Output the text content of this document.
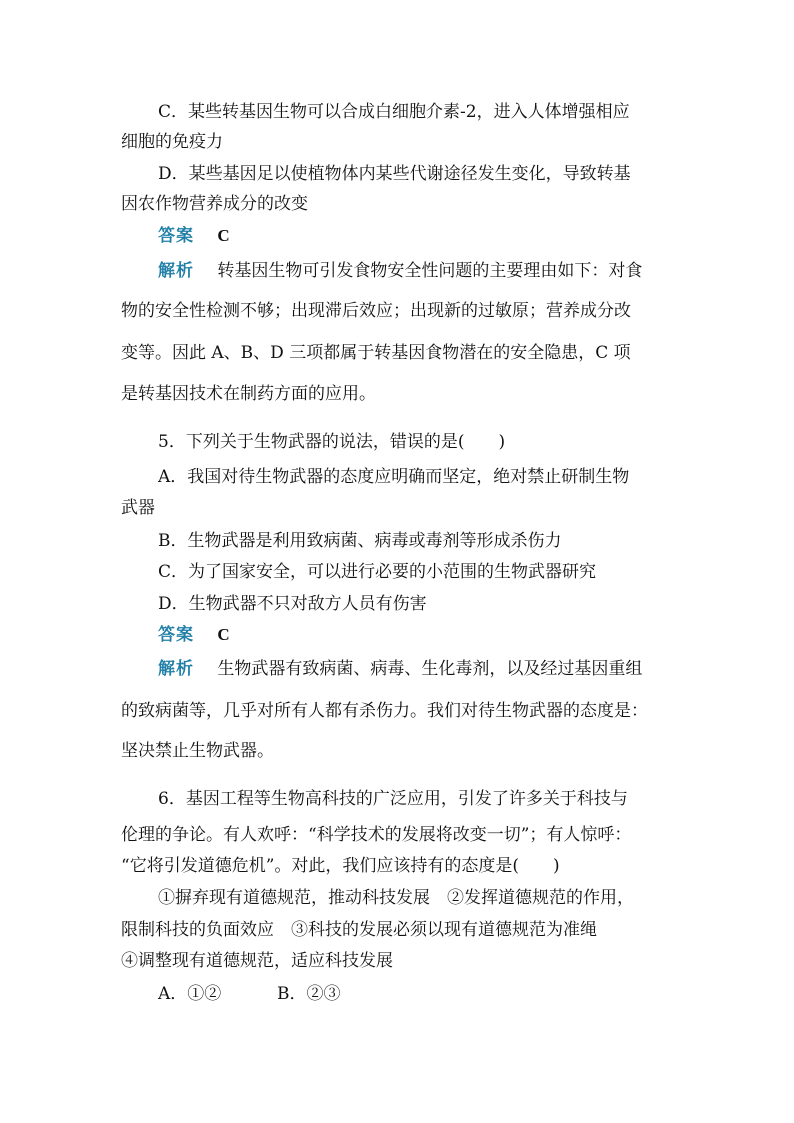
C．某些转基因生物可以合成白细胞介素-2，进入人体增强相应
细胞的免疫力
D．某些基因足以使植物体内某些代谢途径发生变化，导致转基
因农作物营养成分的改变
答案 C
解析 转基因生物可引发食物安全性问题的主要理由如下：对食
物的安全性检测不够；出现滞后效应；出现新的过敏原；营养成分改
变等。因此 A、B、D 三项都属于转基因食物潜在的安全隐患，C 项
是转基因技术在制药方面的应用。
5．下列关于生物武器的说法，错误的是(　　)
A．我国对待生物武器的态度应明确而坚定，绝对禁止研制生物
武器
B．生物武器是利用致病菌、病毒或毒剂等形成杀伤力
C．为了国家安全，可以进行必要的小范围的生物武器研究
D．生物武器不只对敌方人员有伤害
答案 C
解析 生物武器有致病菌、病毒、生化毒剂，以及经过基因重组
的致病菌等，几乎对所有人都有杀伤力。我们对待生物武器的态度是：
坚决禁止生物武器。
6．基因工程等生物高科技的广泛应用，引发了许多关于科技与
伦理的争论。有人欢呼：“科学技术的发展将改变一切”；有人惊呼：
“它将引发道德危机”。对此，我们应该持有的态度是(　　)
①摒弃现有道德规范，推动科技发展　②发挥道德规范的作用，
限制科技的负面效应　③科技的发展必须以现有道德规范为准绳
④调整现有道德规范，适应科技发展
A．①②	B．②③
